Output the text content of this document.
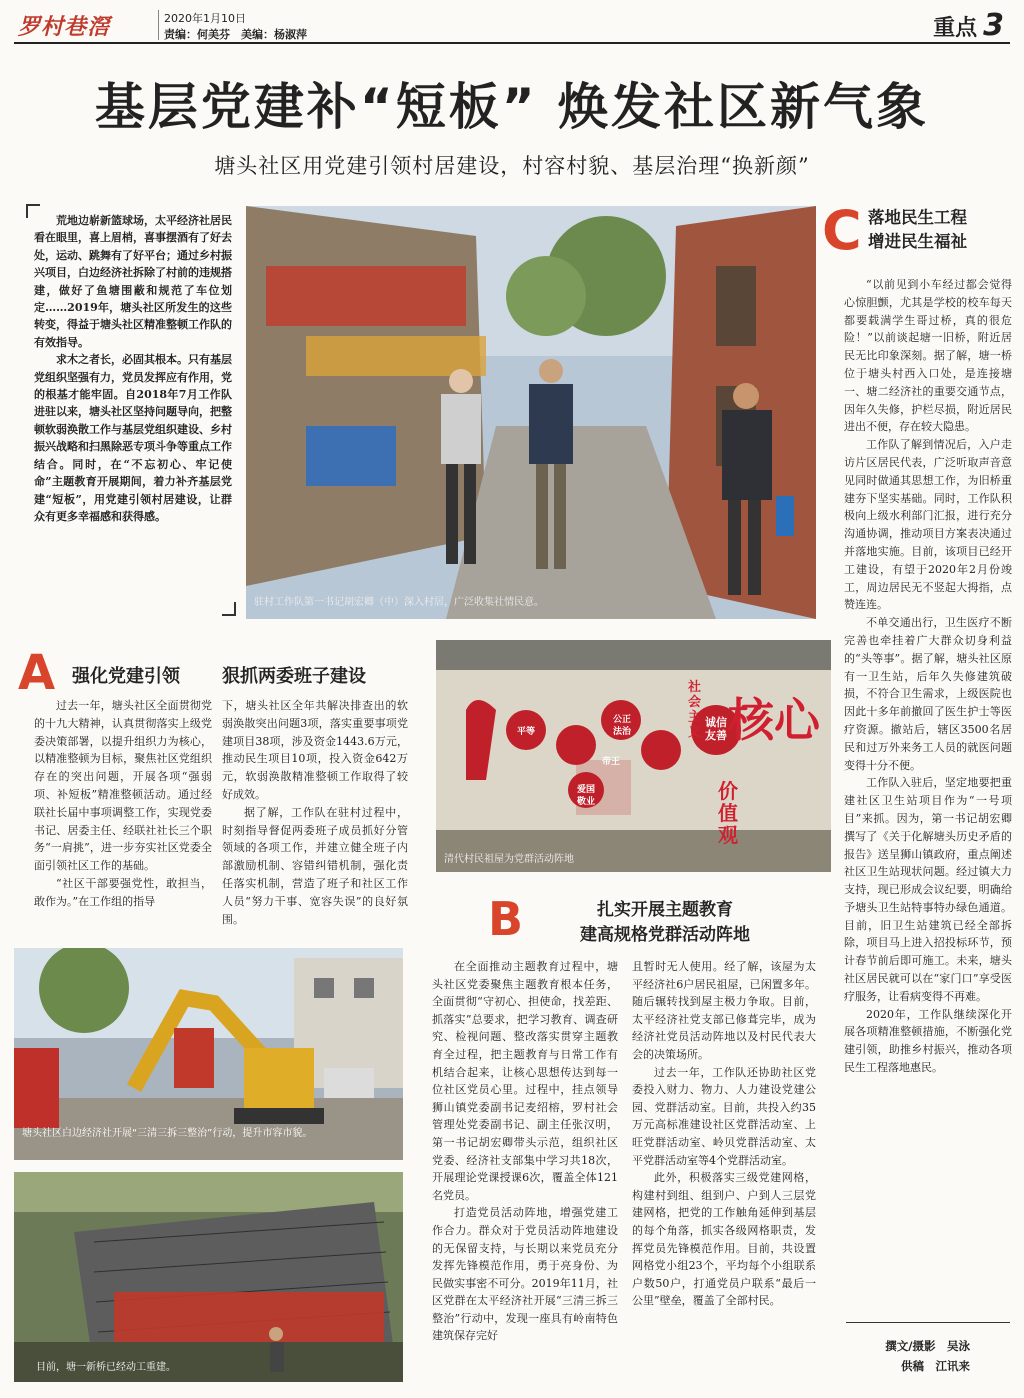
罗村巷滘	2020年1月10日
责编：何美芬　美编：杨淑萍	重点 3
基层党建补“短板” 焕发社区新气象
塘头社区用党建引领村居建设，村容村貌、基层治理“换新颜”

荒地边崭新篮球场，太平经济社居民看在眼里，喜上眉梢，喜事摆酒有了好去处，运动、跳舞有了好平台；通过乡村振兴项目，白边经济社拆除了村前的违规搭建，做好了鱼塘围蔽和规范了车位划定……2019年，塘头社区所发生的这些转变，得益于塘头社区精准整顿工作队的有效指导。

求木之者长，必固其根本。只有基层党组织坚强有力，党员发挥应有作用，党的根基才能牢固。自2018年7月工作队进驻以来，塘头社区坚持问题导向，把整顿软弱涣散工作与基层党组织建设、乡村振兴战略和扫黑除恶专项斗争等重点工作结合。同时，在“不忘初心、牢记使命”主题教育开展期间，着力补齐基层党建“短板”，用党建引领村居建设，让群众有更多幸福感和获得感。

驻村工作队第一书记胡宏卿（中）深入村居，广泛收集社情民意。
C 落地民生工程
增进民生福祉

“以前见到小车经过都会觉得心惊胆颤，尤其是学校的校车每天都要载满学生哥过桥，真的很危险！”以前谈起塘一旧桥，附近居民无比印象深刻。据了解，塘一桥位于塘头村西入口处，是连接塘一、塘二经济社的重要交通节点，因年久失修，护栏尽损，附近居民进出不便，存在较大隐患。

工作队了解到情况后，入户走访片区居民代表，广泛听取声音意见同时做通其思想工作，为旧桥重建夯下坚实基础。同时，工作队积极向上级水利部门汇报，进行充分沟通协调，推动项目方案表决通过并落地实施。目前，该项目已经开工建设，有望于2020年2月份竣工，周边居民无不竖起大拇指，点赞连连。

不单交通出行，卫生医疗不断完善也牵挂着广大群众切身利益的“头等事”。据了解，塘头社区原有一卫生站，后年久失修建筑破损，不符合卫生需求，上级医院也因此十多年前撤回了医生护士等医疗资源。撤站后，辖区3500名居民和过万外来务工人员的就医问题变得十分不便。

工作队入驻后，坚定地要把重建社区卫生站项目作为“一号项目”来抓。因为，第一书记胡宏卿撰写了《关于化解塘头历史矛盾的报告》送呈狮山镇政府，重点阐述社区卫生站现状问题。经过镇大力支持，现已形成会议纪要，明确给予塘头卫生站特事特办绿色通道。目前，旧卫生站建筑已经全部拆除，项目马上进入招投标环节，预计春节前后即可施工。未来，塘头社区居民就可以在“家门口”享受医疗服务，让看病变得不再难。

2020年，工作队继续深化开展各项精准整顿措施，不断强化党建引领，助推乡村振兴，推动各项民生工程落地惠民。

撰文/摄影　吴泳
供稿　江讯来
A 强化党建引领 狠抓两委班子建设

过去一年，塘头社区全面贯彻党的十九大精神，认真贯彻落实上级党委决策部署，以提升组织力为核心，以精准整顿为目标，聚焦社区党组织存在的突出问题，开展各项“强弱项、补短板”精准整顿活动。通过经联社长届中事项调整工作，实现党委书记、居委主任、经联社社长三个职务“一肩挑”，进一步夯实社区党委全面引领社区工作的基础。

“社区干部要强党性，敢担当，敢作为。”在工作组的指导

下，塘头社区全年共解决排查出的软弱涣散突出问题3项，落实重要事项党建项目38项，涉及资金1443.6万元，推动民生项目10项，投入资金642万元，软弱涣散精准整顿工作取得了较好成效。

据了解，工作队在驻村过程中，时刻指导督促两委班子成员抓好分管领域的各项工作，并建立健全班子内部激励机制、容错纠错机制，强化责任落实机制，营造了班子和社区工作人员“努力干事、宽容失误”的良好氛围。

帝王
诚信
友善
爱国
敬业
公正
法治
平等
社会主义 核心
价值观
清代村民祖屋为党群活动阵地
塘头社区白边经济社开展“三清三拆三整治”行动，提升市容市貌。
目前，塘一新桥已经动工重建。
B	扎实开展主题教育
建高规格党群活动阵地

在全面推动主题教育过程中，塘头社区党委聚焦主题教育根本任务，全面贯彻“守初心、担使命，找差距、抓落实”总要求，把学习教育、调查研究、检视问题、整改落实贯穿主题教育全过程，把主题教育与日常工作有机结合起来，让核心思想传达到每一位社区党员心里。过程中，挂点领导狮山镇党委副书记麦绍榕，罗村社会管理处党委副书记、副主任张汉明，第一书记胡宏卿带头示范，组织社区党委、经济社支部集中学习共18次，开展理论党课授课6次，覆盖全体121名党员。

打造党员活动阵地，增强党建工作合力。群众对于党员活动阵地建设的无保留支持，与长期以来党员充分发挥先锋模范作用，勇于亮身份、为民做实事密不可分。2019年11月，社区党群在太平经济社开展“三清三拆三整治”行动中，发现一座具有岭南特色建筑保存完好

且暂时无人使用。经了解，该屋为太平经济社6户居民祖屋，已闲置多年。随后辗转找到屋主极力争取。目前，太平经济社党支部已修葺完毕，成为经济社党员活动阵地以及村民代表大会的决策场所。

过去一年，工作队还协助社区党委投入财力、物力、人力建设党建公园、党群活动室。目前，共投入约35万元高标准建设社区党群活动室、上旺党群活动室、岭贝党群活动室、太平党群活动室等4个党群活动室。

此外，积极落实三级党建网格，构建村到组、组到户、户到人三层党建网格，把党的工作触角延伸到基层的每个角落，抓实各级网格职责，发挥党员先锋模范作用。目前，共设置网格党小组23个，平均每个小组联系户数50户，打通党员户联系“最后一公里”壁垒，覆盖了全部村民。
